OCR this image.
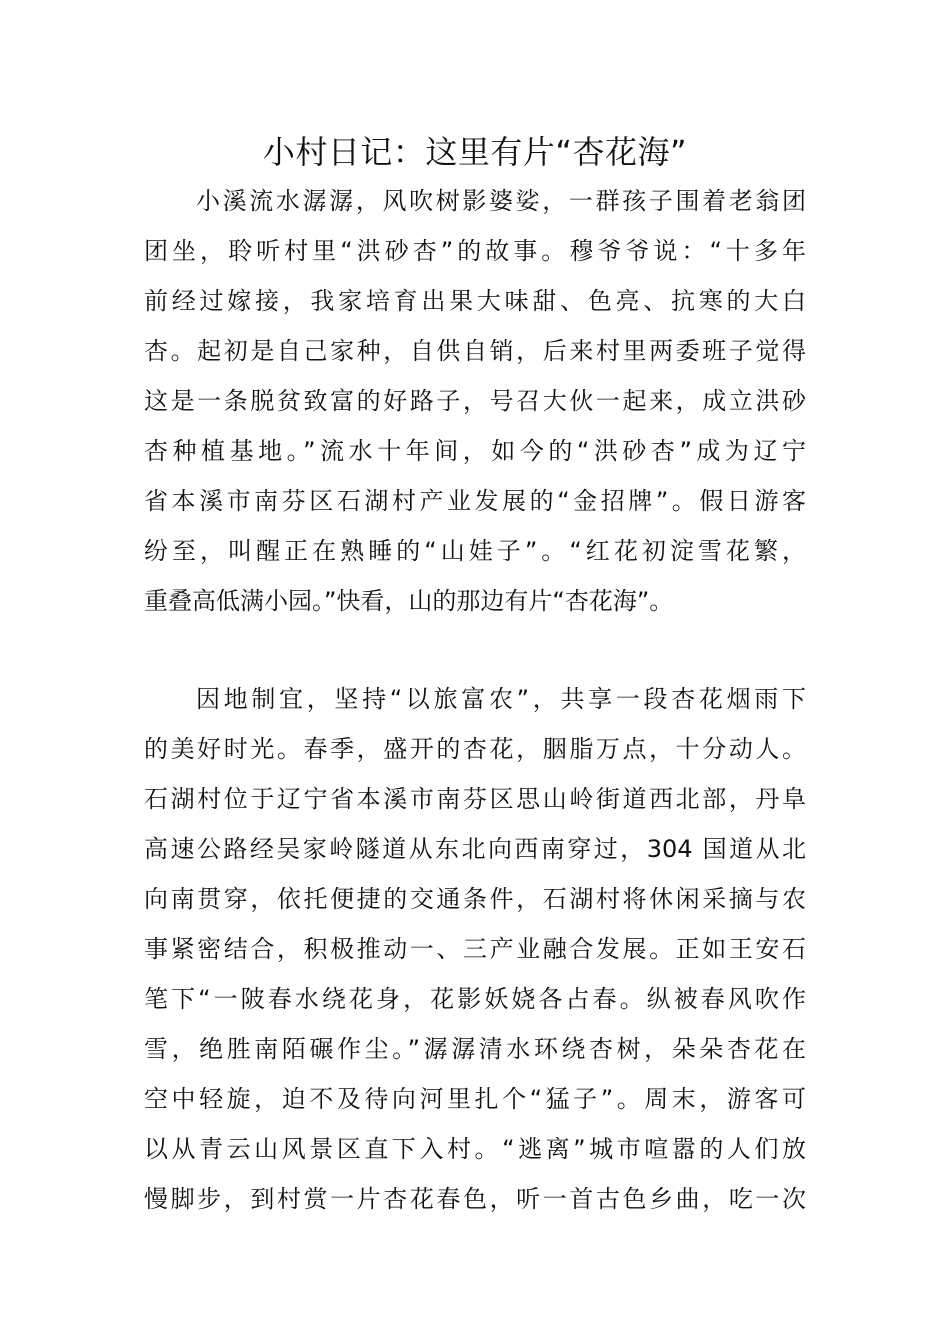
小村日记：这里有片“杏花海”
小溪流水潺潺，风吹树影婆娑，一群孩子围着老翁团
团坐，聆听村里“洪砂杏”的故事。穆爷爷说：“十多年
前经过嫁接，我家培育出果大味甜、色亮、抗寒的大白
杏。起初是自己家种，自供自销，后来村里两委班子觉得
这是一条脱贫致富的好路子，号召大伙一起来，成立洪砂
杏种植基地。”流水十年间，如今的“洪砂杏”成为辽宁
省本溪市南芬区石湖村产业发展的“金招牌”。假日游客
纷至，叫醒正在熟睡的“山娃子”。“红花初淀雪花繁，
重叠高低满小园。”快看，山的那边有片“杏花海”。
因地制宜，坚持“以旅富农”，共享一段杏花烟雨下
的美好时光。春季，盛开的杏花，胭脂万点，十分动人。
石湖村位于辽宁省本溪市南芬区思山岭街道西北部，丹阜
高速公路经吴家岭隧道从东北向西南穿过，304 国道从北
向南贯穿，依托便捷的交通条件，石湖村将休闲采摘与农
事紧密结合，积极推动一、三产业融合发展。正如王安石
笔下“一陂春水绕花身，花影妖娆各占春。纵被春风吹作
雪，绝胜南陌碾作尘。”潺潺清水环绕杏树，朵朵杏花在
空中轻旋，迫不及待向河里扎个“猛子”。周末，游客可
以从青云山风景区直下入村。“逃离”城市喧嚣的人们放
慢脚步，到村赏一片杏花春色，听一首古色乡曲，吃一次
